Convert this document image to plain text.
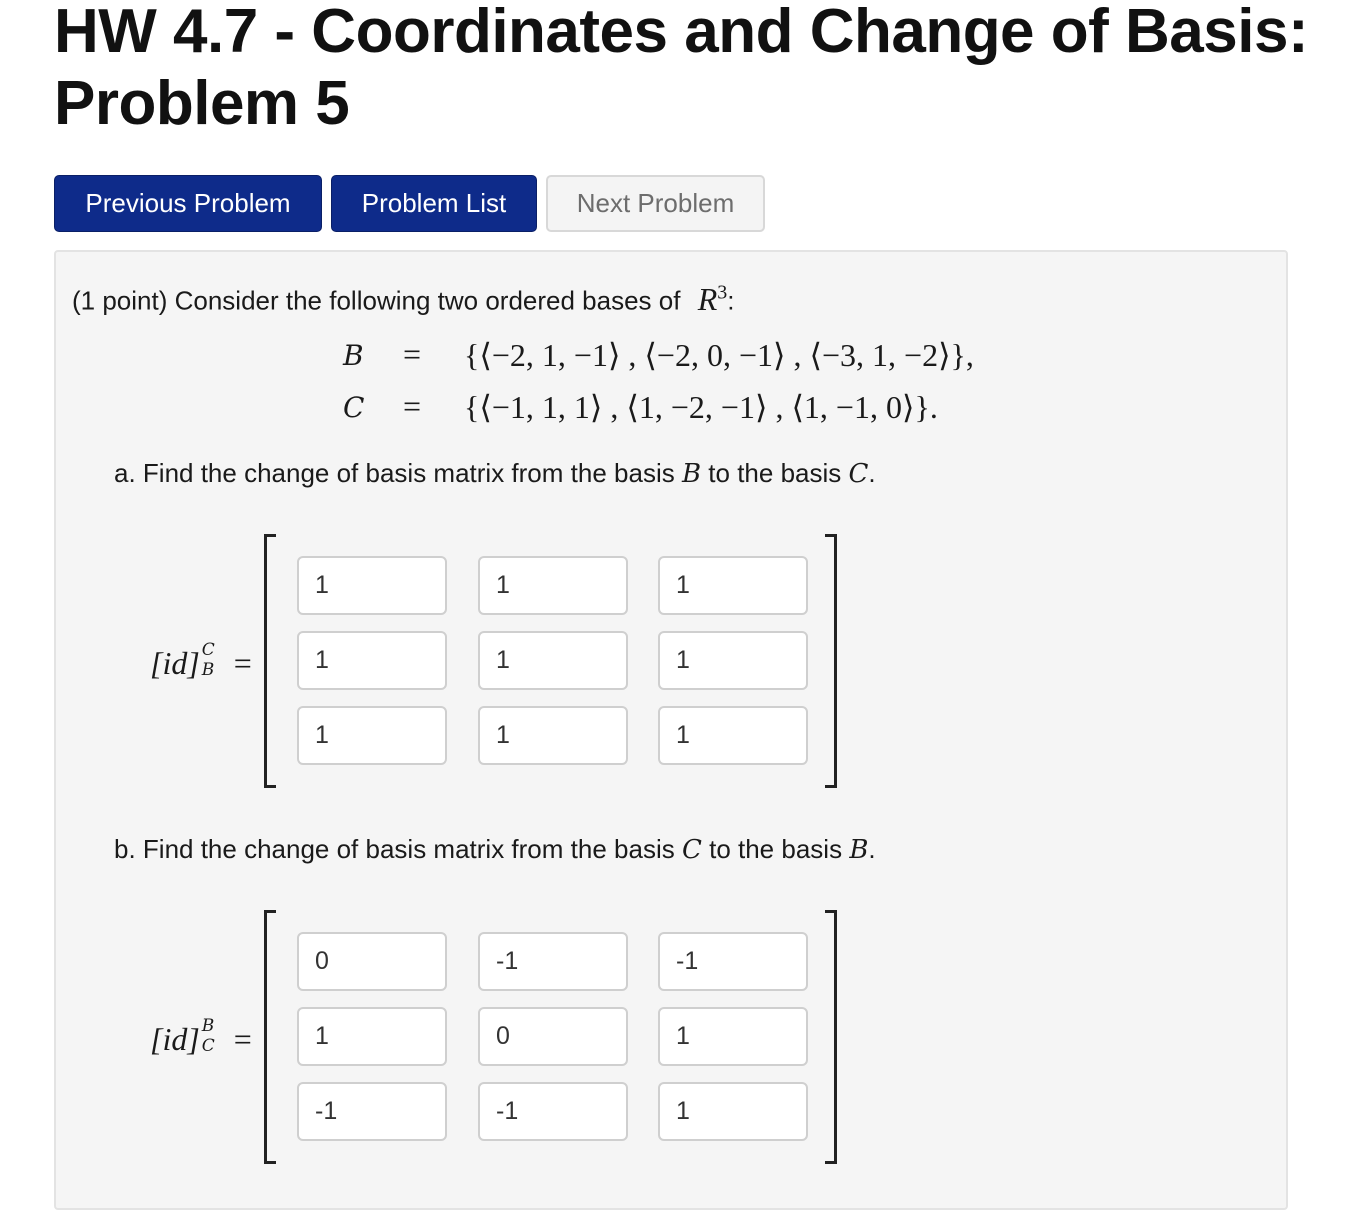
HW 4.7 - Coordinates and Change of Basis:
Problem 5
Previous Problem	Problem List	Next Problem
(1 point) Consider the following two ordered bases of $R^3$:
B = {⟨−2, 1, −1⟩ , ⟨−2, 0, −1⟩ , ⟨−3, 1, −2⟩},
C = {⟨−1, 1, 1⟩ , ⟨1, −2, −1⟩ , ⟨1, −1, 0⟩}.
a. Find the change of basis matrix from the basis B to the basis C.
[id] C
B =
1
1
1
1
1
1
1
1
1
b. Find the change of basis matrix from the basis C to the basis B.
[id] B
C =
0
-1
-1
1
0
1
-1
-1
1
